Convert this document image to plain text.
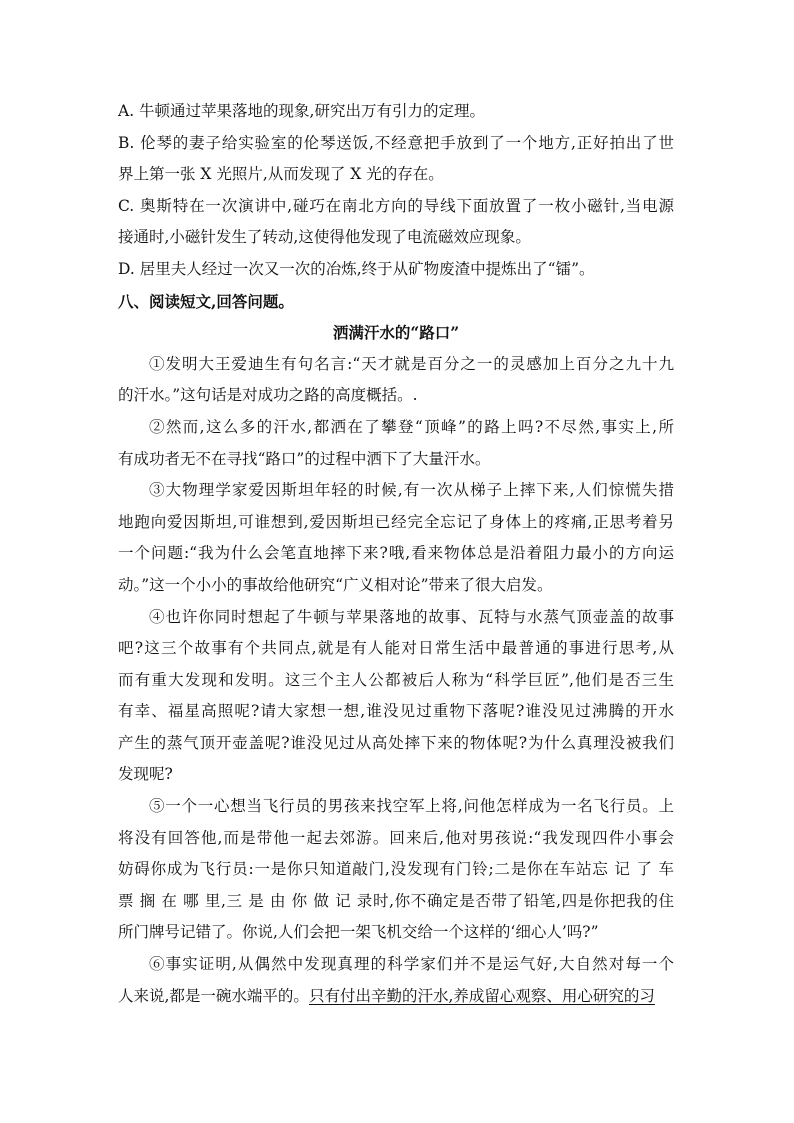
A. 牛顿通过苹果落地的现象,研究出万有引力的定理。
B. 伦琴的妻子给实验室的伦琴送饭,不经意把手放到了一个地方,正好拍出了世
界上第一张 X 光照片,从而发现了 X 光的存在。
C. 奥斯特在一次演讲中,碰巧在南北方向的导线下面放置了一枚小磁针,当电源
接通时,小磁针发生了转动,这使得他发现了电流磁效应现象。
D. 居里夫人经过一次又一次的冶炼,终于从矿物废渣中提炼出了“镭”。
八、阅读短文,回答问题。
洒满汗水的“路口”
①发明大王爱迪生有句名言:“天才就是百分之一的灵感加上百分之九十九
的汗水。”这句话是对成功之路的高度概括。.
②然而,这么多的汗水,都洒在了攀登“顶峰”的路上吗?不尽然,事实上,所
有成功者无不在寻找“路口”的过程中洒下了大量汗水。
③大物理学家爱因斯坦年轻的时候,有一次从梯子上摔下来,人们惊慌失措
地跑向爱因斯坦,可谁想到,爱因斯坦已经完全忘记了身体上的疼痛,正思考着另
一个问题:“我为什么会笔直地摔下来?哦,看来物体总是沿着阻力最小的方向运
动。”这一个小小的事故给他研究“广义相对论”带来了很大启发。
④也许你同时想起了牛顿与苹果落地的故事、瓦特与水蒸气顶壶盖的故事
吧?这三个故事有个共同点,就是有人能对日常生活中最普通的事进行思考,从
而有重大发现和发明。这三个主人公都被后人称为“科学巨匠”,他们是否三生
有幸、福星高照呢?请大家想一想,谁没见过重物下落呢?谁没见过沸腾的开水
产生的蒸气顶开壶盖呢?谁没见过从高处摔下来的物体呢?为什么真理没被我们
发现呢?
⑤一个一心想当飞行员的男孩来找空军上将,问他怎样成为一名飞行员。上
将没有回答他,而是带他一起去郊游。回来后,他对男孩说:“我发现四件小事会
妨碍你成为飞行员:一是你只知道敲门,没发现有门铃;二是你在车站忘 记 了 车
票 搁 在 哪 里,三 是 由 你 做 记 录时,你不确定是否带了铅笔,四是你把我的住
所门牌号记错了。你说,人们会把一架飞机交给一个这样的‘细心人’吗?”
⑥事实证明,从偶然中发现真理的科学家们并不是运气好,大自然对每一个
人来说,都是一碗水端平的。只有付出辛勤的汗水,养成留心观察、用心研究的习
